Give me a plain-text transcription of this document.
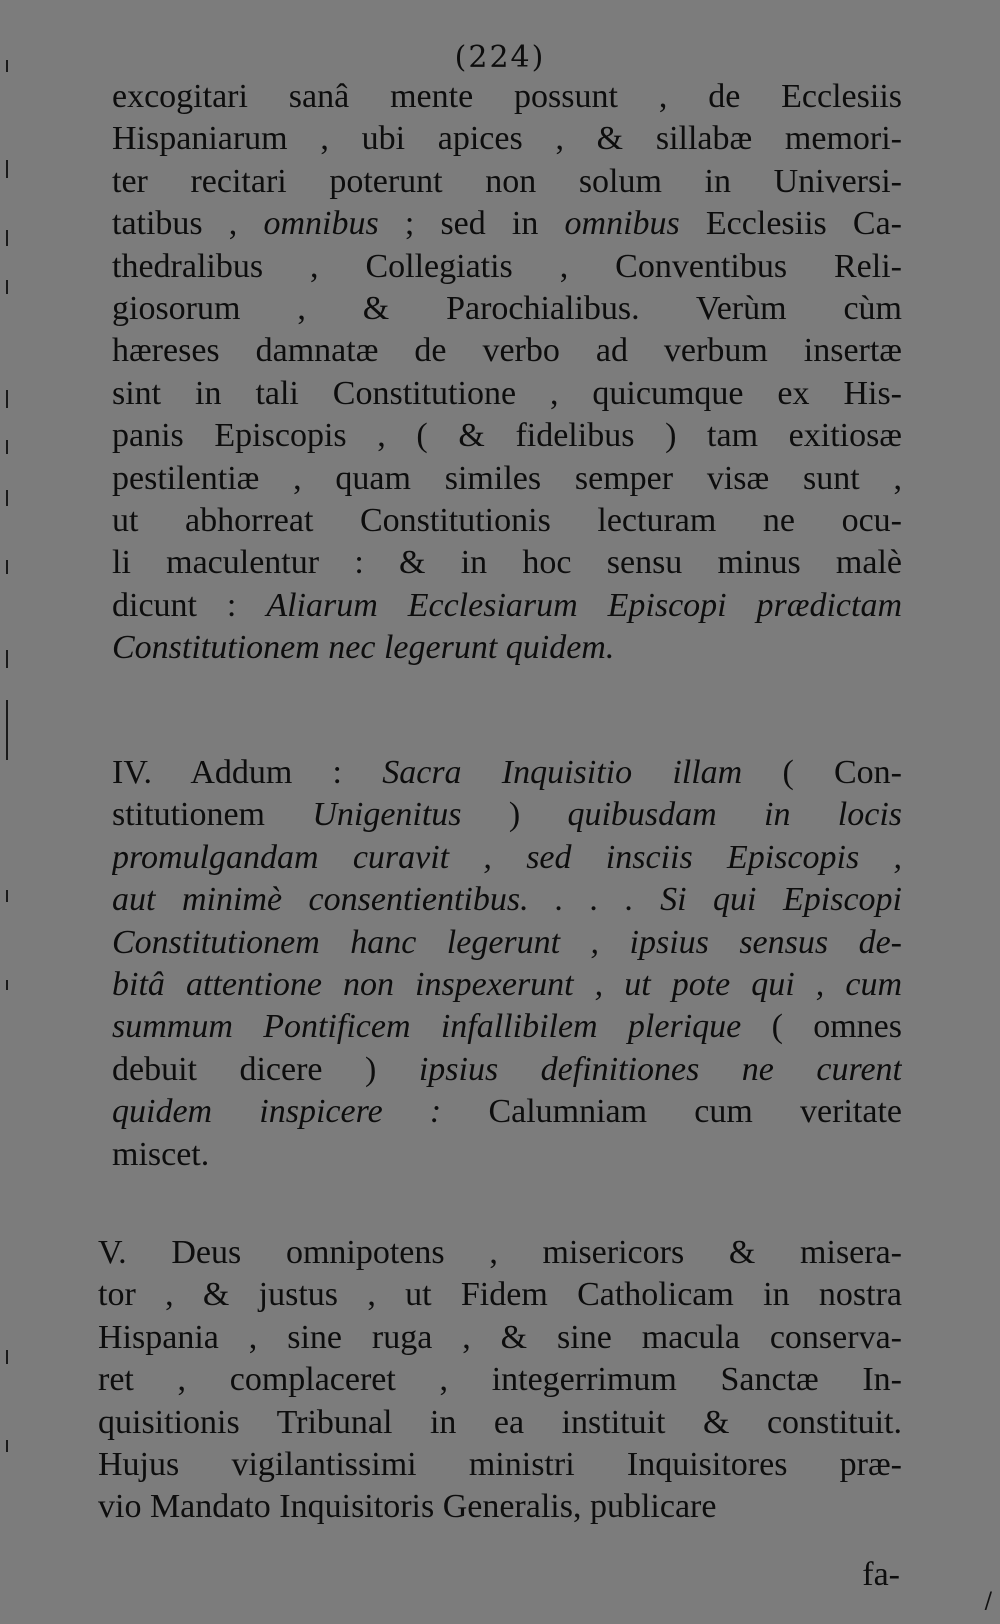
(224)
excogitari sanâ mente possunt , de Ecclesiis
Hispaniarum , ubi apices , & sillabæ memori-
ter recitari poterunt non solum in Universi-
tatibus , omnibus ; sed in omnibus Ecclesiis Ca-
thedralibus , Collegiatis , Conventibus Reli-
giosorum , & Parochialibus. Verùm cùm
hæreses damnatæ de verbo ad verbum insertæ
sint in tali Constitutione , quicumque ex His-
panis Episcopis , ( & fidelibus ) tam exitiosæ
pestilentiæ , quam similes semper visæ sunt ,
ut abhorreat Constitutionis lecturam ne ocu-
li maculentur : & in hoc sensu minus malè
dicunt : Aliarum Ecclesiarum Episcopi prædictam
Constitutionem nec legerunt quidem.
IV. Addum : Sacra Inquisitio illam ( Con-
stitutionem Unigenitus ) quibusdam in locis
promulgandam curavit , sed insciis Episcopis ,
aut minimè consentientibus. . . . Si qui Episcopi
Constitutionem hanc legerunt , ipsius sensus de-
bitâ attentione non inspexerunt , ut pote qui , cum
summum Pontificem infallibilem plerique ( omnes
debuit dicere ) ipsius definitiones ne curent
quidem inspicere : Calumniam cum veritate
miscet.
V. Deus omnipotens , misericors & misera-
tor , & justus , ut Fidem Catholicam in nostra
Hispania , sine ruga , & sine macula conserva-
ret , complaceret , integerrimum Sanctæ In-
quisitionis Tribunal in ea instituit & constituit.
Hujus vigilantissimi ministri Inquisitores præ-
vio Mandato Inquisitoris Generalis, publicare
fa-
/
